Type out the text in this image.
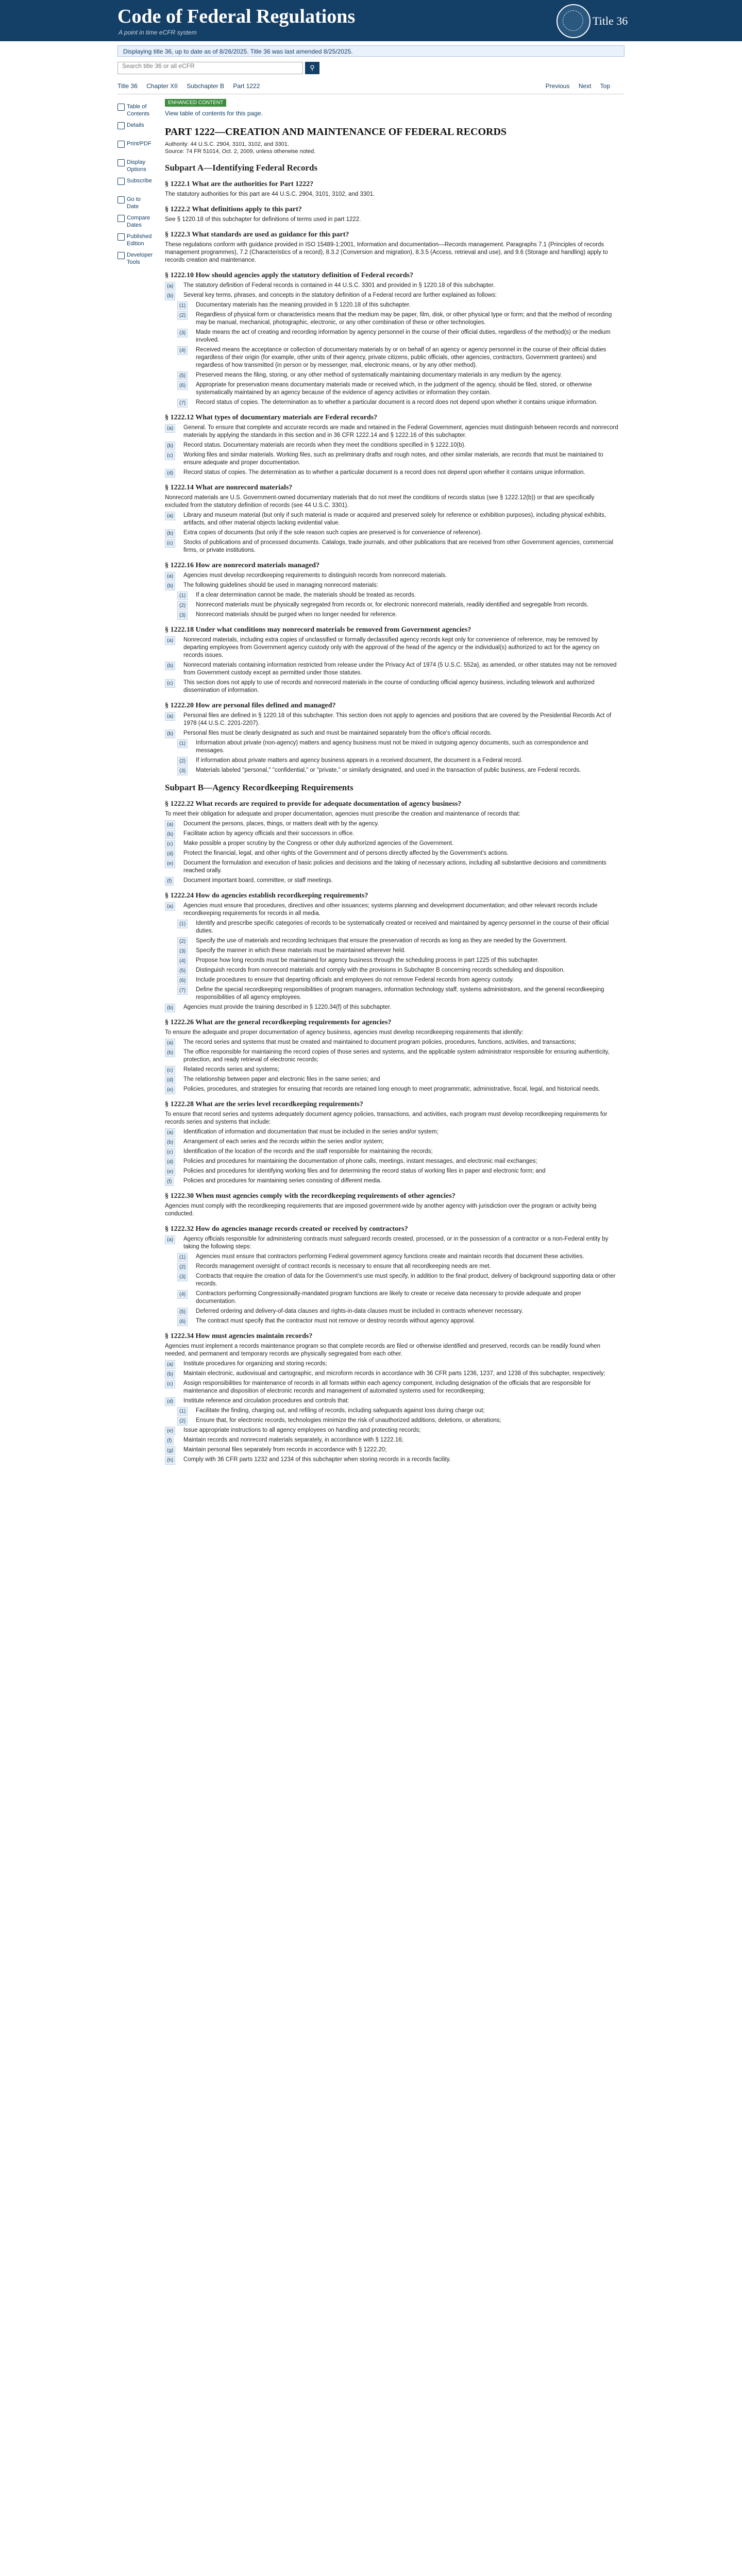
Code of Federal Regulations
A point in time eCFR system
Title 36
Displaying title 36, up to date as of 8/26/2025. Title 36 was last amended 8/25/2025.
Search title 36 or all eCFR	⚲
Title 36 Chapter XII Subchapter B Part 1222	Previous Next Top
Table of Contents
Details
Print/PDF
Display Options
Subscribe
Go to Date
Compare Dates
Published Edition
Developer Tools
ENHANCED CONTENT
View table of contents for this page.
PART 1222—CREATION AND MAINTENANCE OF FEDERAL RECORDS
Authority: 44 U.S.C. 2904, 3101, 3102, and 3301.
Source: 74 FR 51014, Oct. 2, 2009, unless otherwise noted.
Subpart A—Identifying Federal Records
§ 1222.1 What are the authorities for Part 1222?
The statutory authorities for this part are 44 U.S.C. 2904, 3101, 3102, and 3301.
§ 1222.2 What definitions apply to this part?
See § 1220.18 of this subchapter for definitions of terms used in part 1222.
§ 1222.3 What standards are used as guidance for this part?
These regulations conform with guidance provided in ISO 15489-1:2001, Information and documentation—Records management. Paragraphs 7.1 (Principles of records management programmes), 7.2 (Characteristics of a record), 8.3.2 (Conversion and migration), 8.3.5 (Access, retrieval and use), and 9.6 (Storage and handling) apply to records creation and maintenance.
§ 1222.10 How should agencies apply the statutory definition of Federal records?
(a)	The statutory definition of Federal records is contained in 44 U.S.C. 3301 and provided in § 1220.18 of this subchapter.
(b)	Several key terms, phrases, and concepts in the statutory definition of a Federal record are further explained as follows:
(1)	Documentary materials has the meaning provided in § 1220.18 of this subchapter.
(2)	Regardless of physical form or characteristics means that the medium may be paper, film, disk, or other physical type or form; and that the method of recording may be manual, mechanical, photographic, electronic, or any other combination of these or other technologies.
(3)	Made means the act of creating and recording information by agency personnel in the course of their official duties, regardless of the method(s) or the medium involved.
(4)	Received means the acceptance or collection of documentary materials by or on behalf of an agency or agency personnel in the course of their official duties regardless of their origin (for example, other units of their agency, private citizens, public officials, other agencies, contractors, Government grantees) and regardless of how transmitted (in person or by messenger, mail, electronic means, or by any other method).
(5)	Preserved means the filing, storing, or any other method of systematically maintaining documentary materials in any medium by the agency.
(6)	Appropriate for preservation means documentary materials made or received which, in the judgment of the agency, should be filed, stored, or otherwise systematically maintained by an agency because of the evidence of agency activities or information they contain.
(7)	Record status of copies. The determination as to whether a particular document is a record does not depend upon whether it contains unique information.
§ 1222.12 What types of documentary materials are Federal records?
(a)	General. To ensure that complete and accurate records are made and retained in the Federal Government, agencies must distinguish between records and nonrecord materials by applying the standards in this section and in 36 CFR 1222.14 and § 1222.16 of this subchapter.
(b)	Record status. Documentary materials are records when they meet the conditions specified in § 1222.10(b).
(c)	Working files and similar materials. Working files, such as preliminary drafts and rough notes, and other similar materials, are records that must be maintained to ensure adequate and proper documentation.
(d)	Record status of copies. The determination as to whether a particular document is a record does not depend upon whether it contains unique information.
§ 1222.14 What are nonrecord materials?
Nonrecord materials are U.S. Government-owned documentary materials that do not meet the conditions of records status (see § 1222.12(b)) or that are specifically excluded from the statutory definition of records (see 44 U.S.C. 3301).
(a)	Library and museum material (but only if such material is made or acquired and preserved solely for reference or exhibition purposes), including physical exhibits, artifacts, and other material objects lacking evidential value.
(b)	Extra copies of documents (but only if the sole reason such copies are preserved is for convenience of reference).
(c)	Stocks of publications and of processed documents. Catalogs, trade journals, and other publications that are received from other Government agencies, commercial firms, or private institutions.
§ 1222.16 How are nonrecord materials managed?
(a)	Agencies must develop recordkeeping requirements to distinguish records from nonrecord materials.
(b)	The following guidelines should be used in managing nonrecord materials:
(1)	If a clear determination cannot be made, the materials should be treated as records.
(2)	Nonrecord materials must be physically segregated from records or, for electronic nonrecord materials, readily identified and segregable from records.
(3)	Nonrecord materials should be purged when no longer needed for reference.
§ 1222.18 Under what conditions may nonrecord materials be removed from Government agencies?
(a)	Nonrecord materials, including extra copies of unclassified or formally declassified agency records kept only for convenience of reference, may be removed by departing employees from Government agency custody only with the approval of the head of the agency or the individual(s) authorized to act for the agency on records issues.
(b)	Nonrecord materials containing information restricted from release under the Privacy Act of 1974 (5 U.S.C. 552a), as amended, or other statutes may not be removed from Government custody except as permitted under those statutes.
(c)	This section does not apply to use of records and nonrecord materials in the course of conducting official agency business, including telework and authorized dissemination of information.
§ 1222.20 How are personal files defined and managed?
(a)	Personal files are defined in § 1220.18 of this subchapter. This section does not apply to agencies and positions that are covered by the Presidential Records Act of 1978 (44 U.S.C. 2201-2207).
(b)	Personal files must be clearly designated as such and must be maintained separately from the office's official records.
(1)	Information about private (non-agency) matters and agency business must not be mixed in outgoing agency documents, such as correspondence and messages.
(2)	If information about private matters and agency business appears in a received document, the document is a Federal record.
(3)	Materials labeled "personal," "confidential," or "private," or similarly designated, and used in the transaction of public business, are Federal records.
Subpart B—Agency Recordkeeping Requirements
§ 1222.22 What records are required to provide for adequate documentation of agency business?
To meet their obligation for adequate and proper documentation, agencies must prescribe the creation and maintenance of records that:
(a)	Document the persons, places, things, or matters dealt with by the agency.
(b)	Facilitate action by agency officials and their successors in office.
(c)	Make possible a proper scrutiny by the Congress or other duly authorized agencies of the Government.
(d)	Protect the financial, legal, and other rights of the Government and of persons directly affected by the Government's actions.
(e)	Document the formulation and execution of basic policies and decisions and the taking of necessary actions, including all substantive decisions and commitments reached orally.
(f)	Document important board, committee, or staff meetings.
§ 1222.24 How do agencies establish recordkeeping requirements?
(a)	Agencies must ensure that procedures, directives and other issuances; systems planning and development documentation; and other relevant records include recordkeeping requirements for records in all media.
(1)	Identify and prescribe specific categories of records to be systematically created or received and maintained by agency personnel in the course of their official duties.
(2)	Specify the use of materials and recording techniques that ensure the preservation of records as long as they are needed by the Government.
(3)	Specify the manner in which these materials must be maintained wherever held.
(4)	Propose how long records must be maintained for agency business through the scheduling process in part 1225 of this subchapter.
(5)	Distinguish records from nonrecord materials and comply with the provisions in Subchapter B concerning records scheduling and disposition.
(6)	Include procedures to ensure that departing officials and employees do not remove Federal records from agency custody.
(7)	Define the special recordkeeping responsibilities of program managers, information technology staff, systems administrators, and the general recordkeeping responsibilities of all agency employees.
(b)	Agencies must provide the training described in § 1220.34(f) of this subchapter.
§ 1222.26 What are the general recordkeeping requirements for agencies?
To ensure the adequate and proper documentation of agency business, agencies must develop recordkeeping requirements that identify:
(a)	The record series and systems that must be created and maintained to document program policies, procedures, functions, activities, and transactions;
(b)	The office responsible for maintaining the record copies of those series and systems, and the applicable system administrator responsible for ensuring authenticity, protection, and ready retrieval of electronic records;
(c)	Related records series and systems;
(d)	The relationship between paper and electronic files in the same series; and
(e)	Policies, procedures, and strategies for ensuring that records are retained long enough to meet programmatic, administrative, fiscal, legal, and historical needs.
§ 1222.28 What are the series level recordkeeping requirements?
To ensure that record series and systems adequately document agency policies, transactions, and activities, each program must develop recordkeeping requirements for records series and systems that include:
(a)	Identification of information and documentation that must be included in the series and/or system;
(b)	Arrangement of each series and the records within the series and/or system;
(c)	Identification of the location of the records and the staff responsible for maintaining the records;
(d)	Policies and procedures for maintaining the documentation of phone calls, meetings, instant messages, and electronic mail exchanges;
(e)	Policies and procedures for identifying working files and for determining the record status of working files in paper and electronic form; and
(f)	Policies and procedures for maintaining series consisting of different media.
§ 1222.30 When must agencies comply with the recordkeeping requirements of other agencies?
Agencies must comply with the recordkeeping requirements that are imposed government-wide by another agency with jurisdiction over the program or activity being conducted.
§ 1222.32 How do agencies manage records created or received by contractors?
(a)	Agency officials responsible for administering contracts must safeguard records created, processed, or in the possession of a contractor or a non-Federal entity by taking the following steps:
(1)	Agencies must ensure that contractors performing Federal government agency functions create and maintain records that document these activities.
(2)	Records management oversight of contract records is necessary to ensure that all recordkeeping needs are met.
(3)	Contracts that require the creation of data for the Government's use must specify, in addition to the final product, delivery of background supporting data or other records.
(4)	Contractors performing Congressionally-mandated program functions are likely to create or receive data necessary to provide adequate and proper documentation.
(5)	Deferred ordering and delivery-of-data clauses and rights-in-data clauses must be included in contracts whenever necessary.
(6)	The contract must specify that the contractor must not remove or destroy records without agency approval.
§ 1222.34 How must agencies maintain records?
Agencies must implement a records maintenance program so that complete records are filed or otherwise identified and preserved, records can be readily found when needed, and permanent and temporary records are physically segregated from each other.
(a)	Institute procedures for organizing and storing records;
(b)	Maintain electronic, audiovisual and cartographic, and microform records in accordance with 36 CFR parts 1236, 1237, and 1238 of this subchapter, respectively;
(c)	Assign responsibilities for maintenance of records in all formats within each agency component, including designation of the officials that are responsible for maintenance and disposition of electronic records and management of automated systems used for recordkeeping;
(d)	Institute reference and circulation procedures and controls that:
(1)	Facilitate the finding, charging out, and refiling of records, including safeguards against loss during charge out;
(2)	Ensure that, for electronic records, technologies minimize the risk of unauthorized additions, deletions, or alterations;
(e)	Issue appropriate instructions to all agency employees on handling and protecting records;
(f)	Maintain records and nonrecord materials separately, in accordance with § 1222.16;
(g)	Maintain personal files separately from records in accordance with § 1222.20;
(h)	Comply with 36 CFR parts 1232 and 1234 of this subchapter when storing records in a records facility.
